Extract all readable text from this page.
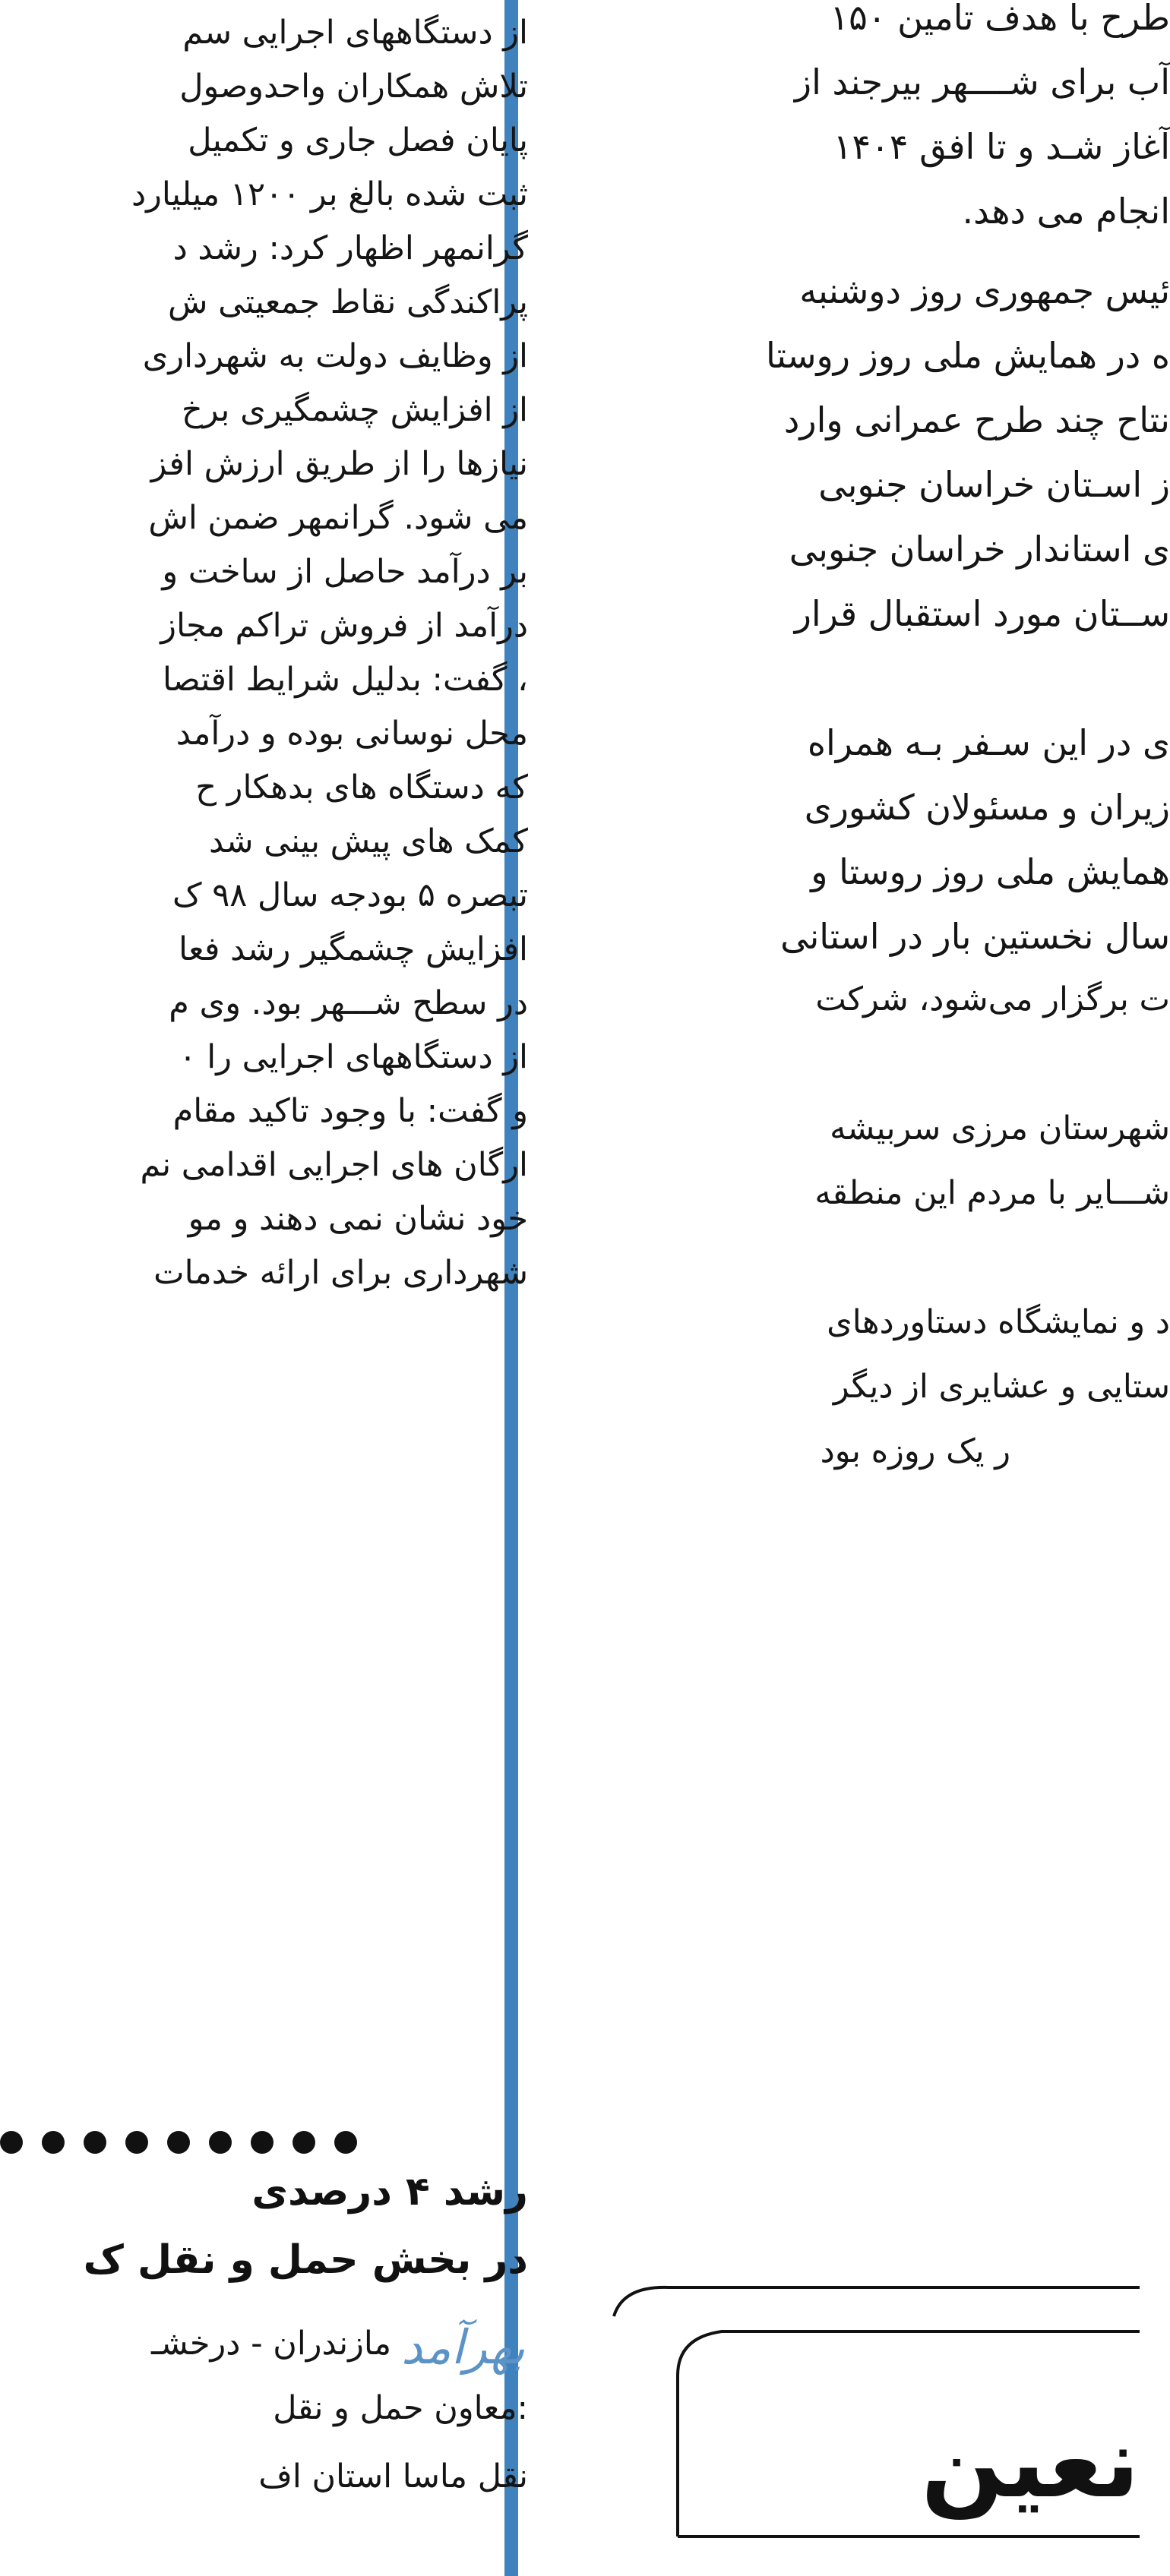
از دستگاههای اجرایی سم
تلاش همکاران واحدوصول
پایان فصل جاری و تکمیل
ثبت شده بالغ بر ۱۲۰۰ میلیارد
گرانمهر اظهار کرد: رشد د
پراکندگی نقاط جمعیتی ش
از وظایف دولت به شهرداری
از افزایش چشمگیری برخ
نیازها را از طریق ارزش افز
می شود. گرانمهر ضمن اش
بر درآمد حاصل از ساخت و
درآمد از فروش تراکم مجاز
، گفت: بدلیل شرایط اقتصا
محل نوسانی بوده و درآمد
که دستگاه های بدهکار ح
کمک های پیش بینی شد
تبصره ۵ بودجه سال ۹۸ ک
افزایش چشمگیر رشد فعا
در سطح شـــهر بود. وی م
از دستگاههای اجرایی را ۰
و گفت: با وجود تاکید مقام
ارگان های اجرایی اقدامی نم
خود نشان نمی دهند و مو
شهرداری برای ارائه خدمات
رشد ۴ درصدی
در بخش حمل و نقل ک
مازندران - درخشـ
:معاون حمل و نقل
نقل ماسا استان اف
بهرآمد
طرح با هدف تامین ۱۵۰
آب برای شــــهر بیرجند از
آغاز شـد و تا افق ۱۴۰۴
انجام می دهد.
ئیس جمهوری روز دوشنبه
ه در همایش ملی روز روستا
نتاح چند طرح عمرانی وارد
ز اسـتان خراسان جنوبی
ی استاندار خراسان جنوبی
ســتان مورد استقبال قرار
ی در این سـفر بـه همراه
زیران و مسئولان کشوری
همایش ملی روز روستا و
سال نخستین بار در استانی
ت برگزار می‌شود، شرکت
شهرستان مرزی سربیشه
شـــایر با مردم این منطقه
د و نمایشگاه دستاوردهای
ستایی و عشایری از دیگر
ر یک روزه بود
نعین
